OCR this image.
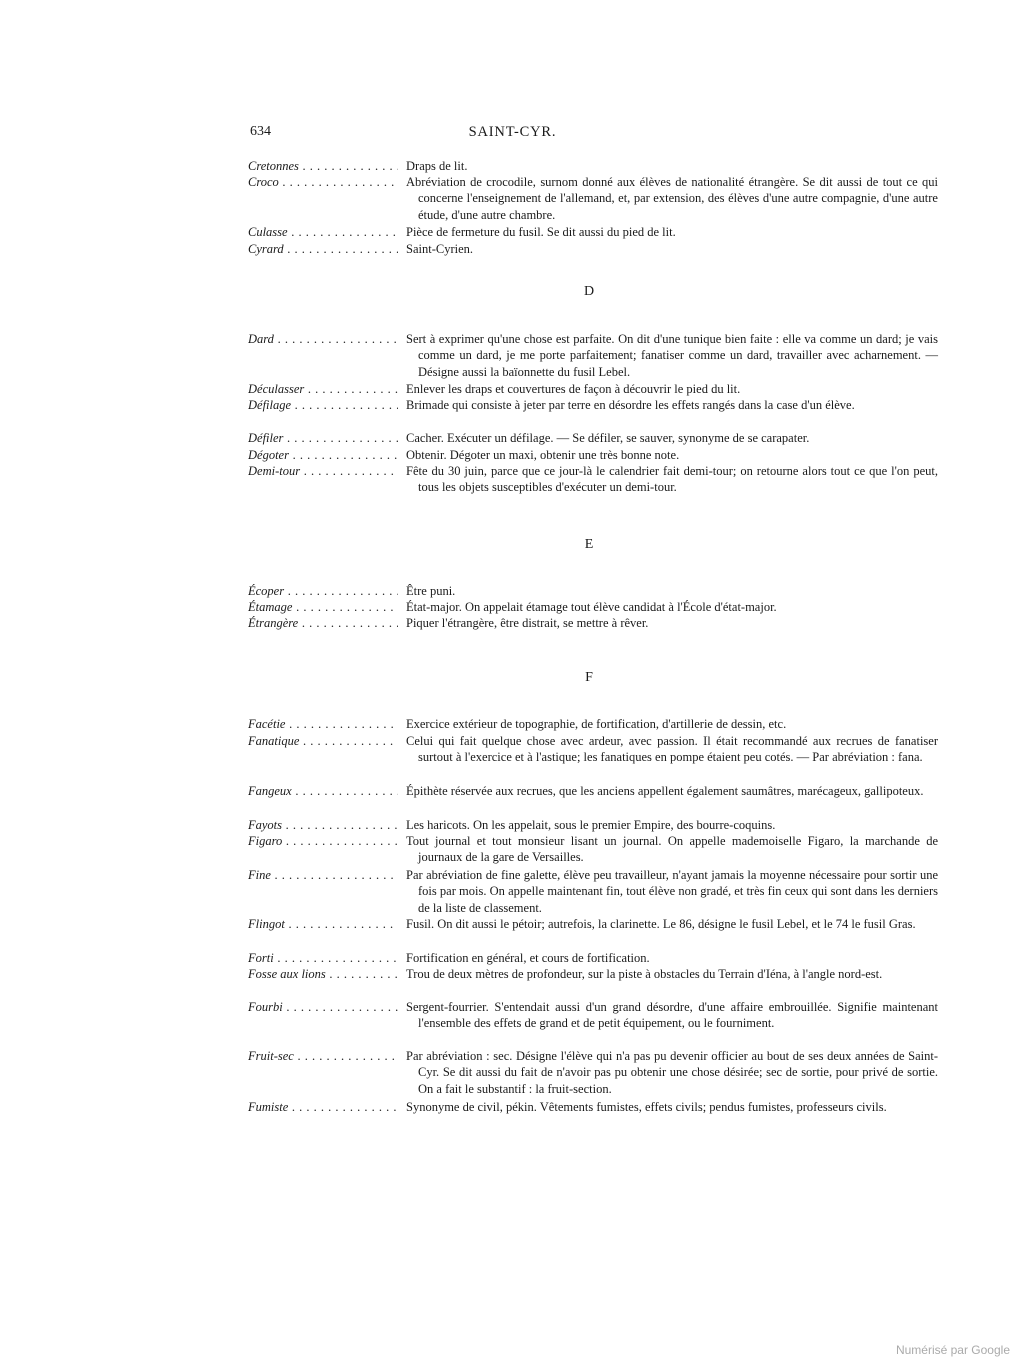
634	SAINT-CYR.
Cretonnes . . .	Draps de lit.
Croco . . .	Abréviation de crocodile, surnom donné aux élèves de nationalité étrangère. Se dit aussi de tout ce qui concerne l'enseignement de l'allemand, et, par extension, des élèves d'une autre compagnie, d'une autre étude, d'une autre chambre.
Culasse . . .	Pièce de fermeture du fusil. Se dit aussi du pied de lit.
Cyrard . . .	Saint-Cyrien.
D
Dard . . .	Sert à exprimer qu'une chose est parfaite. On dit d'une tunique bien faite : elle va comme un dard; je vais comme un dard, je me porte parfaitement; fanatiser comme un dard, travailler avec acharnement. — Désigne aussi la baïonnette du fusil Lebel.
Déculasser . . .	Enlever les draps et couvertures de façon à découvrir le pied du lit.
Défilage . . .	Brimade qui consiste à jeter par terre en désordre les effets rangés dans la case d'un élève.
Défiler . . .	Cacher. Exécuter un défilage. — Se défiler, se sauver, synonyme de se carapater.
Dégoter . . .	Obtenir. Dégoter un maxi, obtenir une très bonne note.
Demi-tour . . .	Fête du 30 juin, parce que ce jour-là le calendrier fait demi-tour; on retourne alors tout ce que l'on peut, tous les objets susceptibles d'exécuter un demi-tour.
E
Écoper . . .	Être puni.
Étamage . . .	État-major. On appelait étamage tout élève candidat à l'École d'état-major.
Étrangère . . .	Piquer l'étrangère, être distrait, se mettre à rêver.
F
Facétie . . .	Exercice extérieur de topographie, de fortification, d'artillerie de dessin, etc.
Fanatique . . .	Celui qui fait quelque chose avec ardeur, avec passion. Il était recommandé aux recrues de fanatiser surtout à l'exercice et à l'astique; les fanatiques en pompe étaient peu cotés. — Par abréviation : fana.
Fangeux . . .	Épithète réservée aux recrues, que les anciens appellent également saumâtres, marécageux, gallipoteux.
Fayots . . .	Les haricots. On les appelait, sous le premier Empire, des bourre-coquins.
Figaro . . .	Tout journal et tout monsieur lisant un journal. On appelle mademoiselle Figaro, la marchande de journaux de la gare de Versailles.
Fine . . .	Par abréviation de fine galette, élève peu travailleur, n'ayant jamais la moyenne nécessaire pour sortir une fois par mois. On appelle maintenant fin, tout élève non gradé, et très fin ceux qui sont dans les derniers de la liste de classement.
Flingot . . .	Fusil. On dit aussi le pétoir; autrefois, la clarinette. Le 86, désigne le fusil Lebel, et le 74 le fusil Gras.
Forti . . .	Fortification en général, et cours de fortification.
Fosse aux lions . . .	Trou de deux mètres de profondeur, sur la piste à obstacles du Terrain d'Iéna, à l'angle nord-est.
Fourbi . . .	Sergent-fourrier. S'entendait aussi d'un grand désordre, d'une affaire embrouillée. Signifie maintenant l'ensemble des effets de grand et de petit équipement, ou le fourniment.
Fruit-sec . . .	Par abréviation : sec. Désigne l'élève qui n'a pas pu devenir officier au bout de ses deux années de Saint-Cyr. Se dit aussi du fait de n'avoir pas pu obtenir une chose désirée; sec de sortie, pour privé de sortie. On a fait le substantif : la fruit-section.
Fumiste . . .	Synonyme de civil, pékin. Vêtements fumistes, effets civils; pendus fumistes, professeurs civils.
Numérisé par Google
